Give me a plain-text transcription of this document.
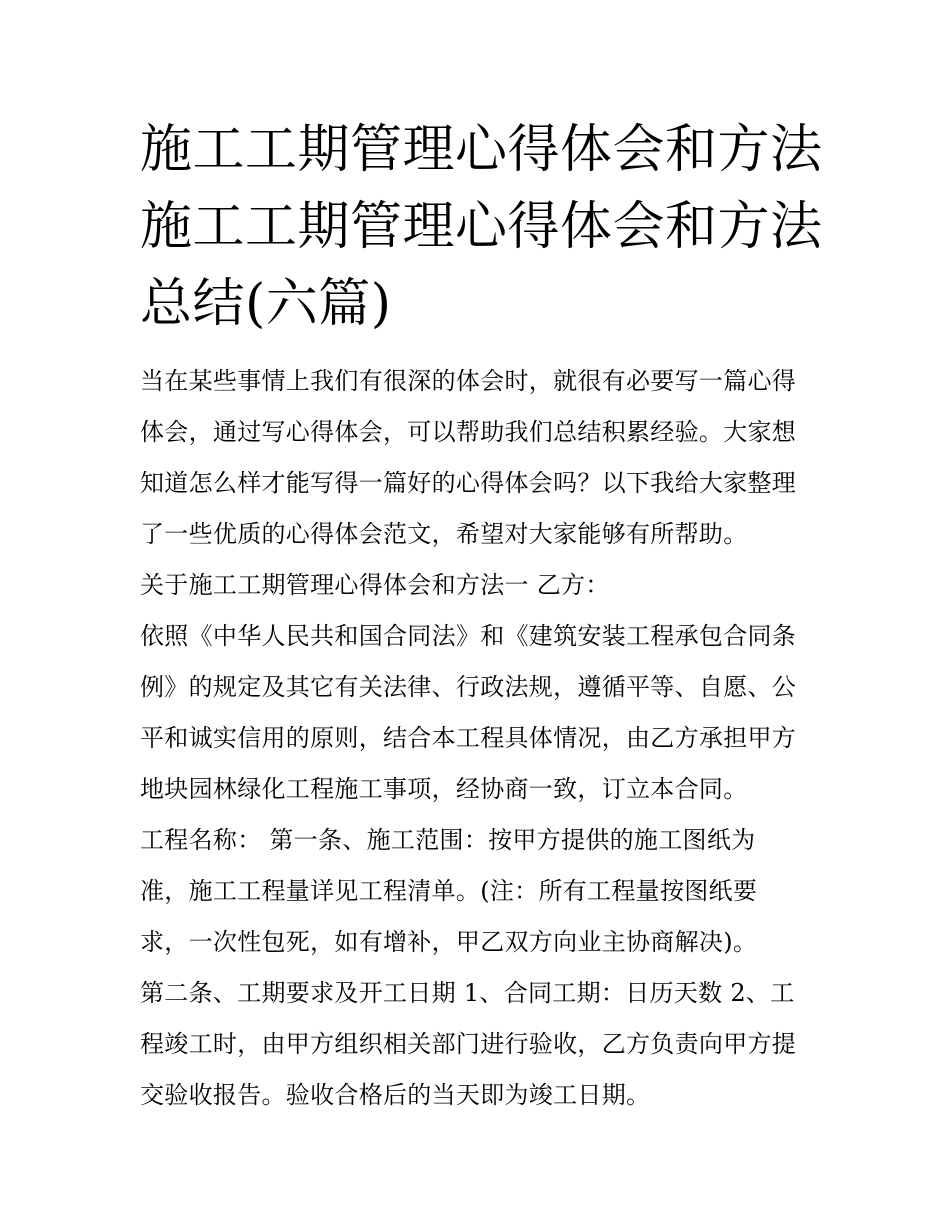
施工工期管理心得体会和方法
施工工期管理心得体会和方法
总结(六篇)
当在某些事情上我们有很深的体会时，就很有必要写一篇心得
体会，通过写心得体会，可以帮助我们总结积累经验。大家想
知道怎么样才能写得一篇好的心得体会吗？以下我给大家整理
了一些优质的心得体会范文，希望对大家能够有所帮助。
关于施工工期管理心得体会和方法一 乙方：
依照《中华人民共和国合同法》和《建筑安装工程承包合同条
例》的规定及其它有关法律、行政法规，遵循平等、自愿、公
平和诚实信用的原则，结合本工程具体情况，由乙方承担甲方
地块园林绿化工程施工事项，经协商一致，订立本合同。
工程名称： 第一条、施工范围：按甲方提供的施工图纸为
准，施工工程量详见工程清单。(注：所有工程量按图纸要
求，一次性包死，如有增补，甲乙双方向业主协商解决)。
第二条、工期要求及开工日期 1、合同工期：日历天数 2、工
程竣工时，由甲方组织相关部门进行验收，乙方负责向甲方提
交验收报告。验收合格后的当天即为竣工日期。
